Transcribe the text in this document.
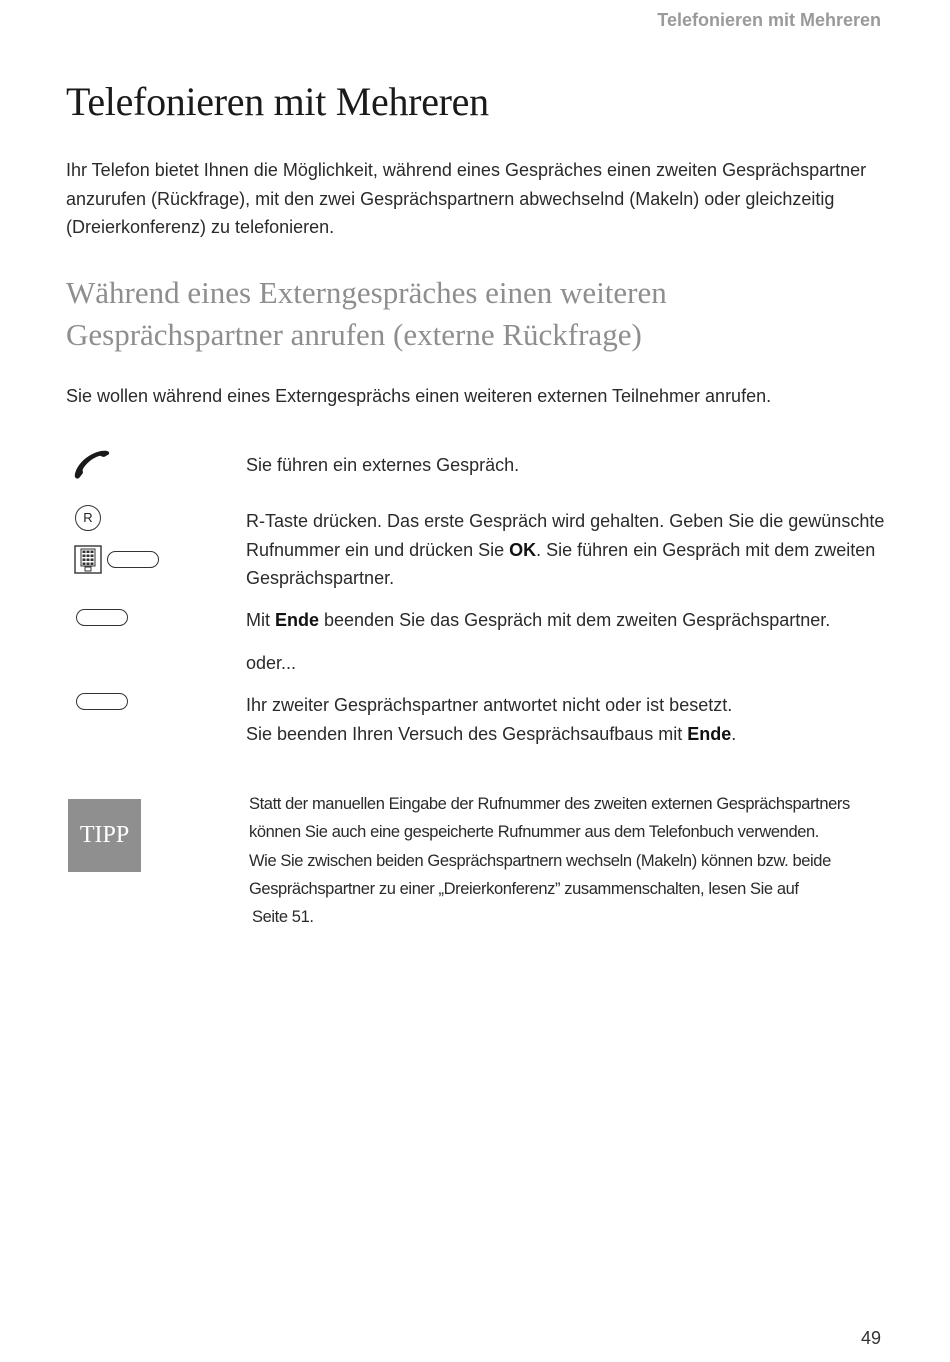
Telefonieren mit Mehreren
Telefonieren mit Mehreren

Ihr Telefon bietet Ihnen die Möglichkeit, während eines Gespräches einen zweiten Gesprächspartner anzurufen (Rückfrage), mit den zwei Gesprächspartnern abwechselnd (Makeln) oder gleichzeitig (Dreierkonferenz) zu telefonieren.

Während eines Externgespräches einen weiteren
Gesprächspartner anrufen (externe Rückfrage)

Sie wollen während eines Externgesprächs einen weiteren externen Teilnehmer anrufen.

Sie führen ein externes Gespräch.

R	R-Taste drücken. Das erste Gespräch wird gehalten. Geben Sie die gewünschte Rufnummer ein und drücken Sie OK. Sie führen ein Gespräch mit dem zweiten Gesprächspartner.

Mit Ende beenden Sie das Gespräch mit dem zweiten Gesprächspartner.

oder...

Ihr zweiter Gesprächspartner antwortet nicht oder ist besetzt.
Sie beenden Ihren Versuch des Gesprächsaufbaus mit Ende.

TIPP

Statt der manuellen Eingabe der Rufnummer des zweiten externen Gesprächspartners
können Sie auch eine gespeicherte Rufnummer aus dem Telefonbuch verwenden.
Wie Sie zwischen beiden Gesprächspartnern wechseln (Makeln) können bzw. beide
Gesprächspartner zu einer „Dreierkonferenz” zusammenschalten, lesen Sie auf
Seite 51.

49
